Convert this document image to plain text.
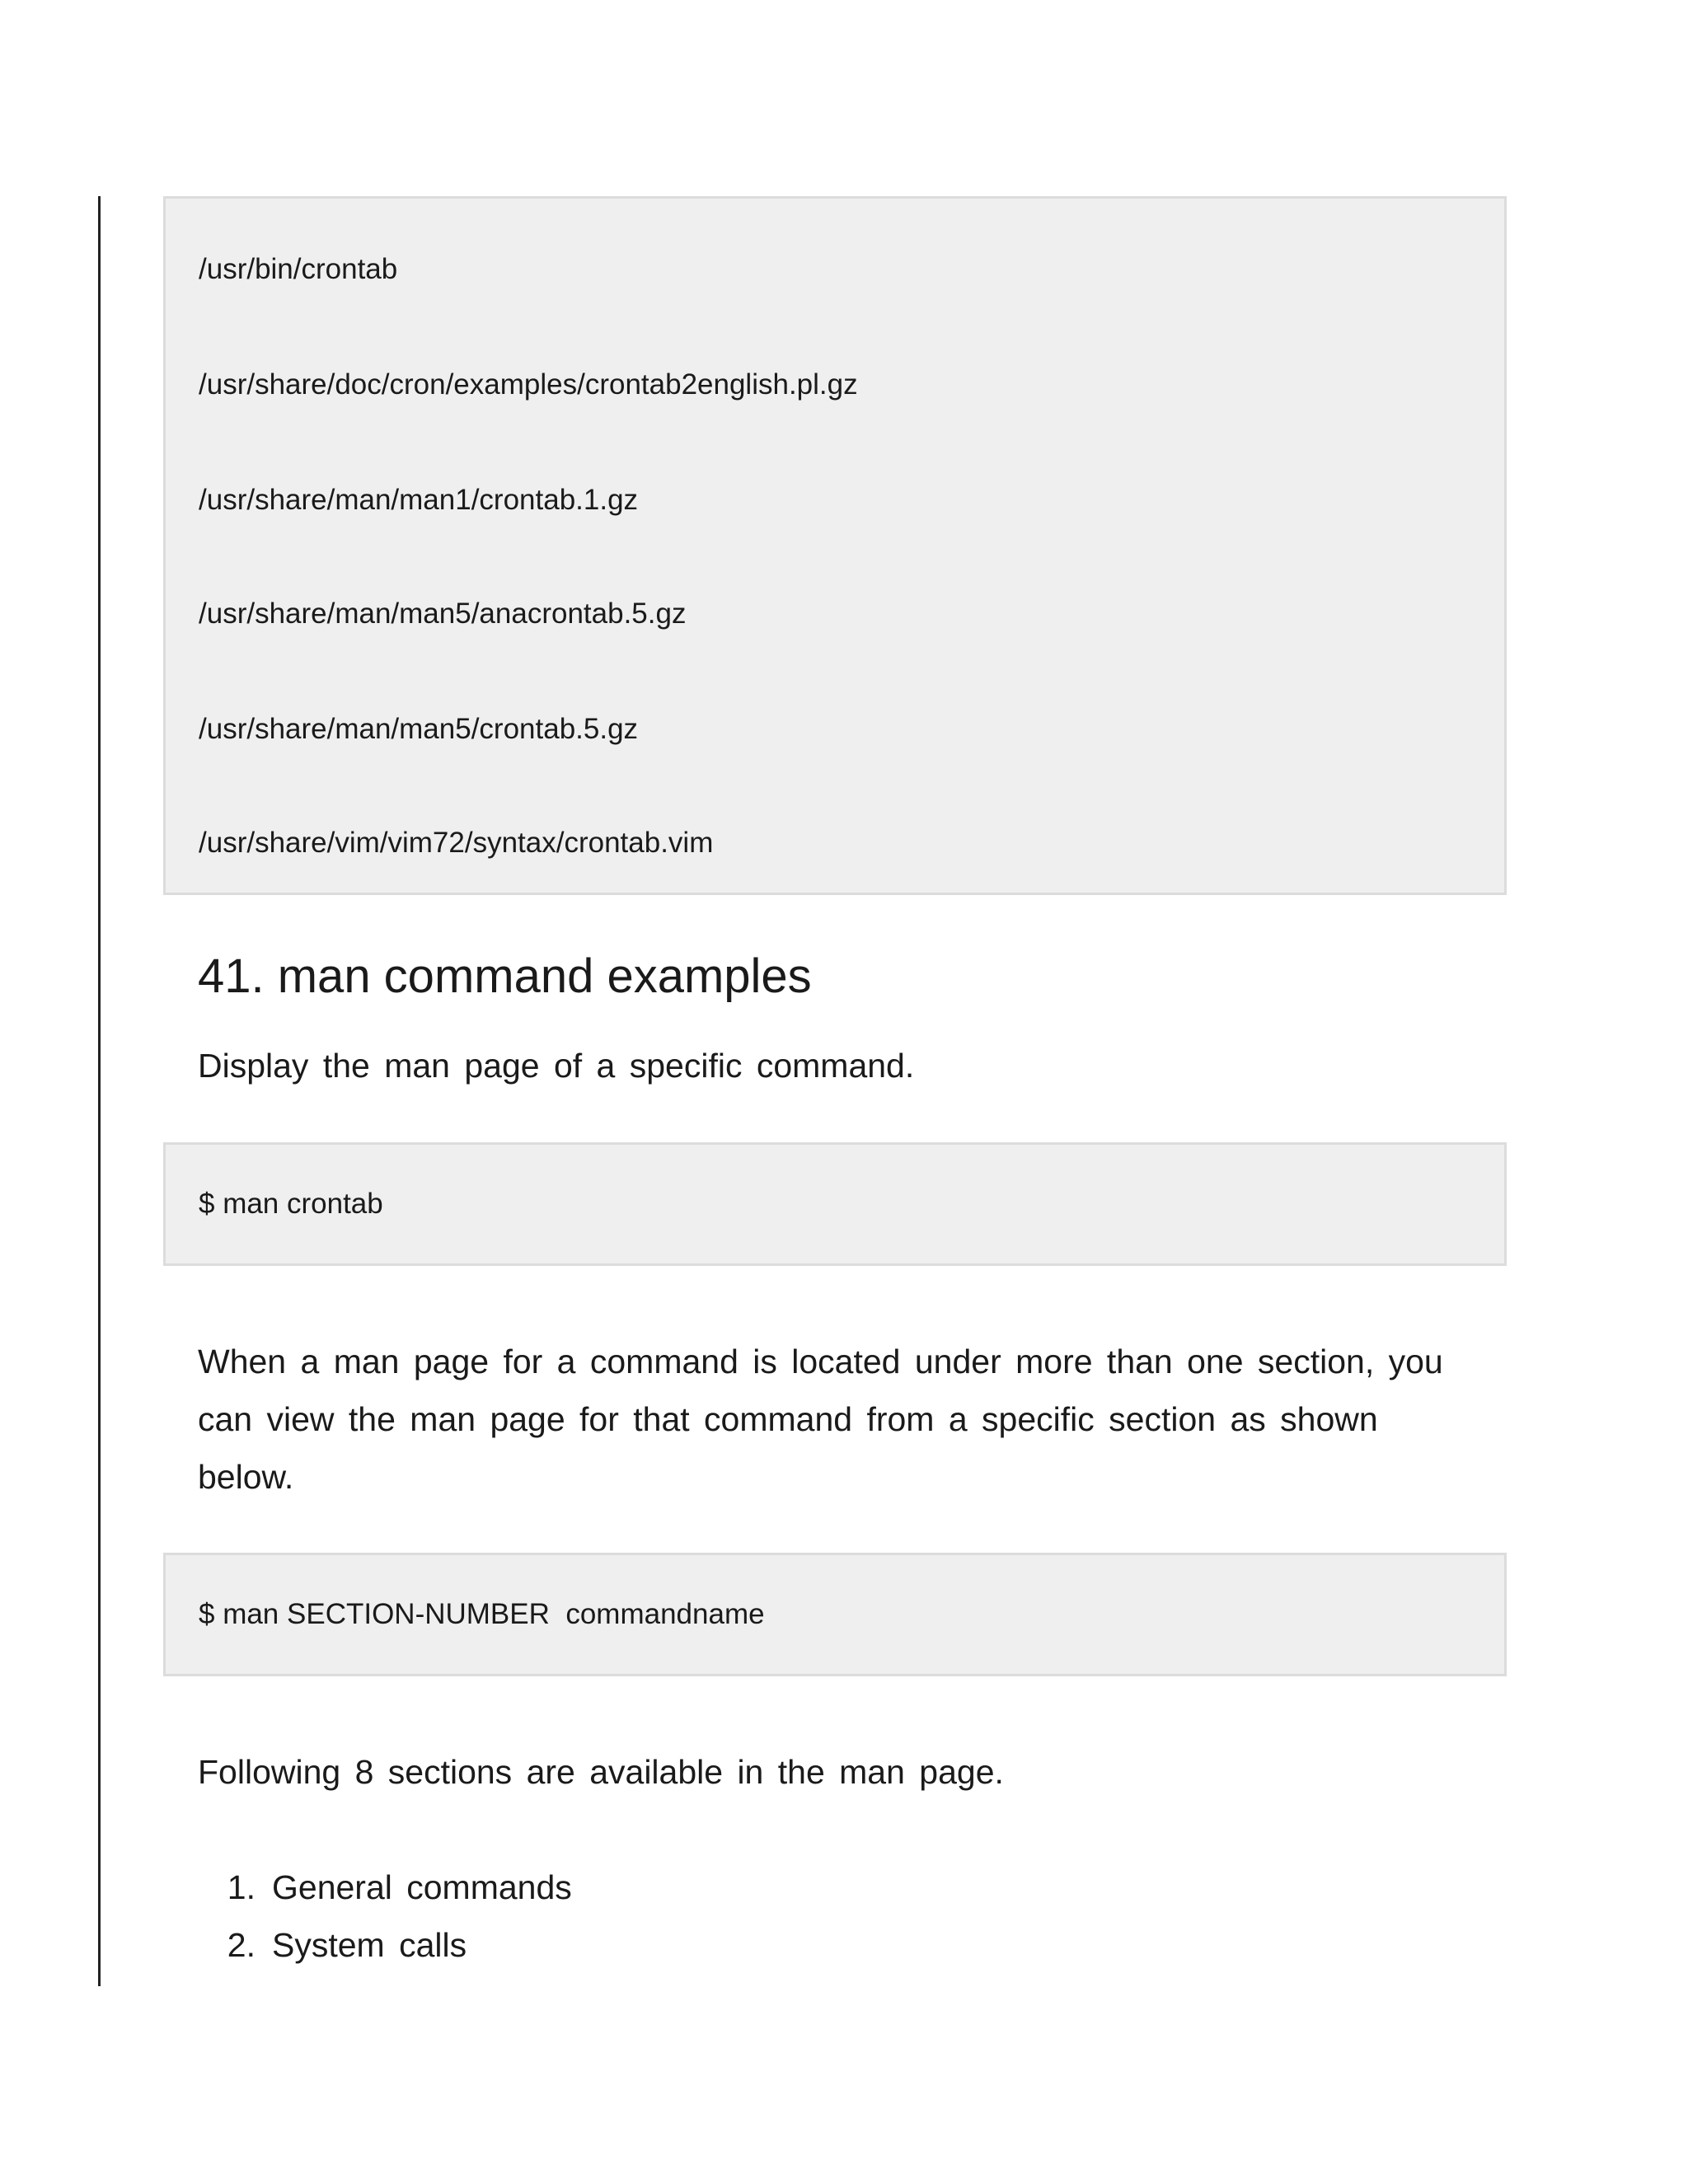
/usr/bin/crontab
/usr/share/doc/cron/examples/crontab2english.pl.gz
/usr/share/man/man1/crontab.1.gz
/usr/share/man/man5/anacrontab.5.gz
/usr/share/man/man5/crontab.5.gz
/usr/share/vim/vim72/syntax/crontab.vim
41. man command examples

Display the man page of a specific command.

$ man crontab

When a man page for a command is located under more than one section, you can view the man page for that command from a specific section as shown below.

$ man SECTION-NUMBER  commandname

Following 8 sections are available in the man page.

1. General commands
2. System calls
